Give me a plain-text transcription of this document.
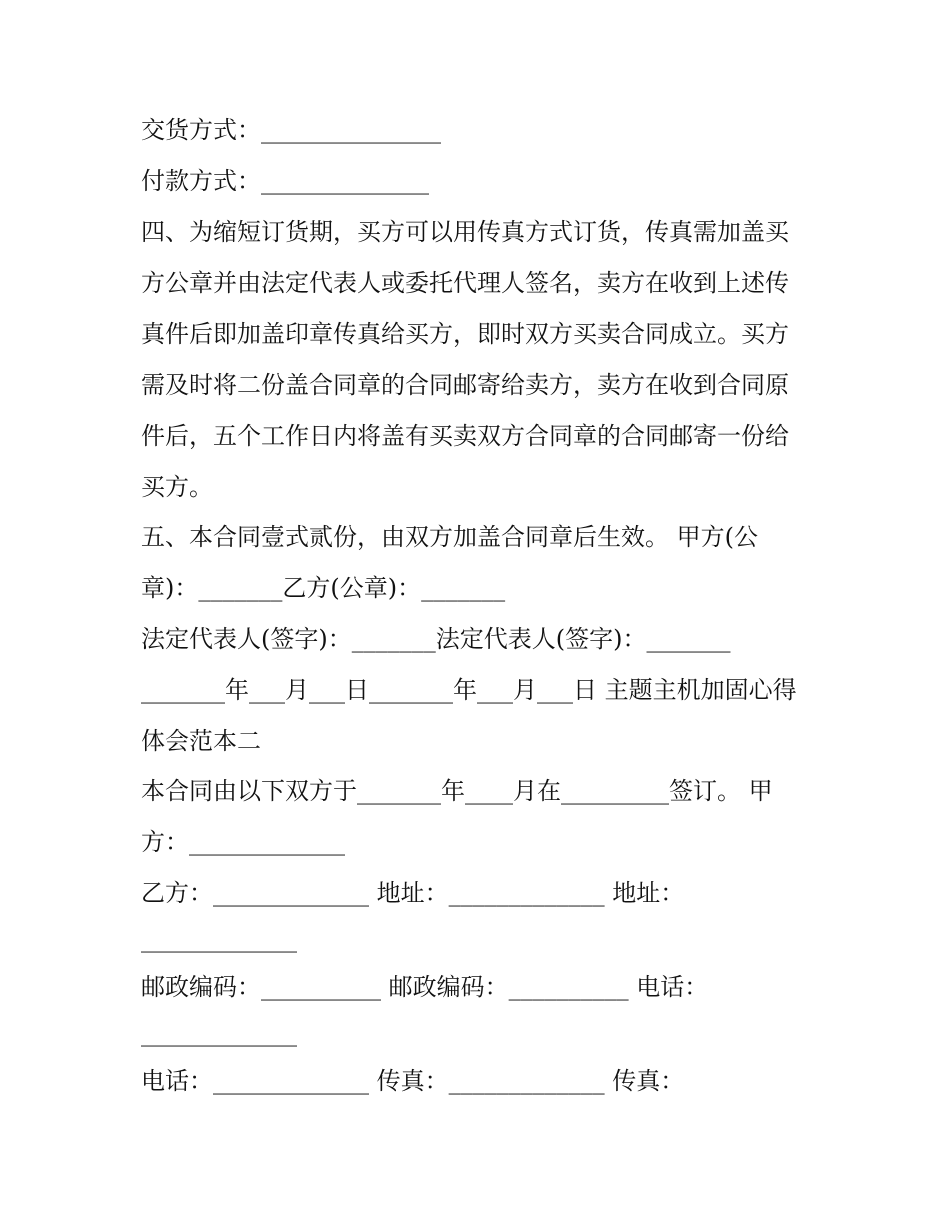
交货方式：_______________

付款方式：______________

四、为缩短订货期，买方可以用传真方式订货，传真需加盖买

方公章并由法定代表人或委托代理人签名，卖方在收到上述传

真件后即加盖印章传真给买方，即时双方买卖合同成立。买方

需及时将二份盖合同章的合同邮寄给卖方，卖方在收到合同原

件后，五个工作日内将盖有买卖双方合同章的合同邮寄一份给

买方。

五、本合同壹式贰份，由双方加盖合同章后生效。 甲方(公

章)：_______乙方(公章)：_______

法定代表人(签字)：_______法定代表人(签字)：_______

_______年___月___日_______年___月___日 主题主机加固心得

体会范本二

本合同由以下双方于_______年____月在_________签订。 甲

方：_____________

乙方：_____________ 地址：_____________ 地址：

_____________

邮政编码：__________ 邮政编码：__________ 电话：

_____________

电话：_____________ 传真：_____________ 传真：
